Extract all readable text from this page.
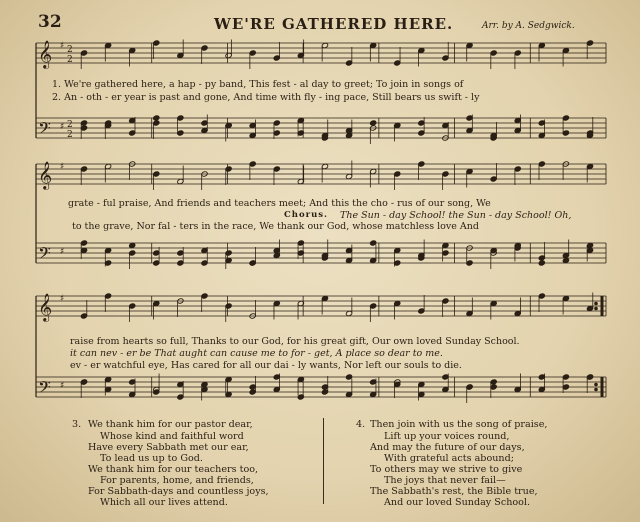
32	WE'RE GATHERED HERE.	Arr. by A. Sedgwick.
𝄞 ♯ 2
2
𝄢 ♯ 2
2
𝄞 ♯
𝄢 ♯
𝄞 ♯
𝄢 ♯
1. We're gathered here, a hap - py band, This fest - al day to greet; To join in songs of
2. An - oth - er year is past and gone, And time with fly - ing pace, Still bears us swift - ly
grate - ful praise, And friends and teachers meet; And this the cho - rus of our song, We
Chorus. The Sun - day School! the Sun - day School! Oh,
to the grave, Nor fal - ters in the race, We thank our God, whose matchless love And
raise from hearts so full, Thanks to our God, for his great gift, Our own loved Sunday School.
it can nev - er be That aught can cause me to for - get, A place so dear to me.
ev - er watchful eye, Has cared for all our dai - ly wants, Nor left our souls to die.
3. We thank him for our pastor dear,
Whose kind and faithful word
Have every Sabbath met our ear,
To lead us up to God.
We thank him for our teachers too,
For parents, home, and friends,
For Sabbath-days and countless joys,
Which all our lives attend.
4. Then join with us the song of praise,
Lift up your voices round,
And may the future of our days,
With grateful acts abound;
To others may we strive to give
The joys that never fail—
The Sabbath's rest, the Bible true,
And our loved Sunday School.
